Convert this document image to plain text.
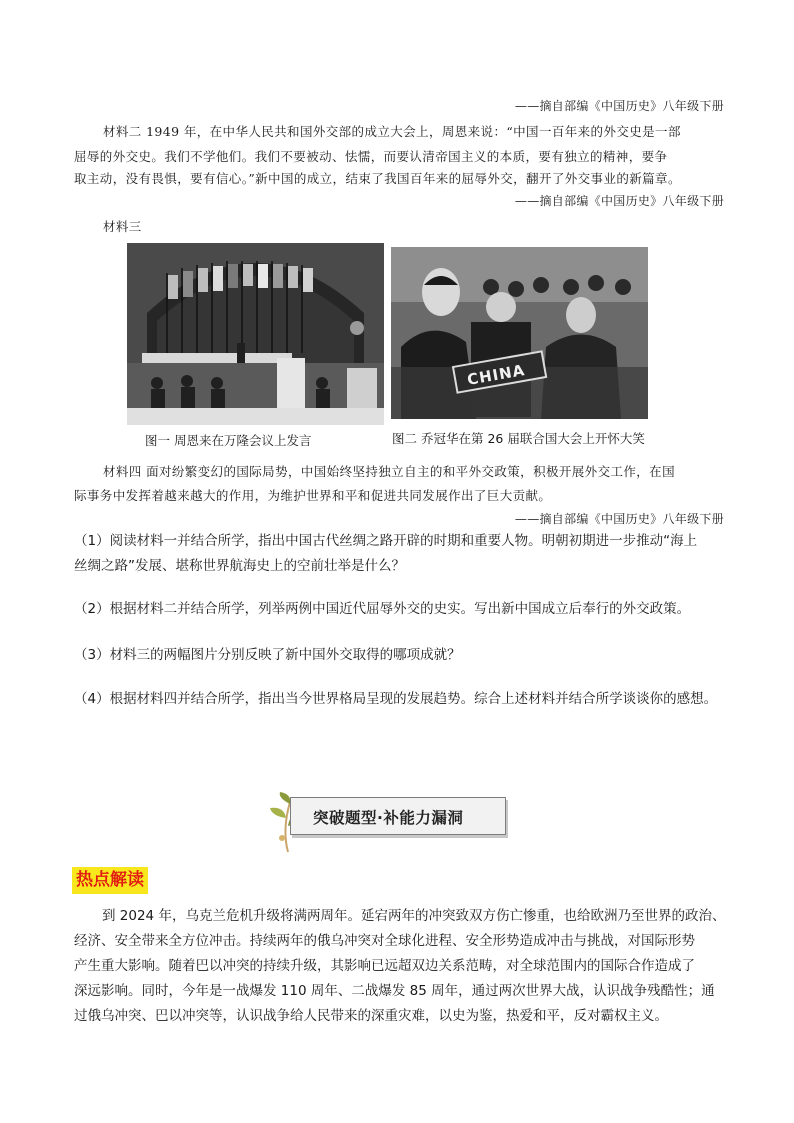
——摘自部编《中国历史》八年级下册
材料二 1949 年，在中华人民共和国外交部的成立大会上，周恩来说：“中国一百年来的外交史是一部
屈辱的外交史。我们不学他们。我们不要被动、怯懦，而要认清帝国主义的本质，要有独立的精神，要争
取主动，没有畏惧，要有信心。”新中国的成立，结束了我国百年来的屈辱外交，翻开了外交事业的新篇章。
——摘自部编《中国历史》八年级下册
材料三
图一 周恩来在万隆会议上发言
CHINA
图二 乔冠华在第 26 届联合国大会上开怀大笑
材料四 面对纷繁变幻的国际局势，中国始终坚持独立自主的和平外交政策，积极开展外交工作，在国
际事务中发挥着越来越大的作用，为维护世界和平和促进共同发展作出了巨大贡献。
——摘自部编《中国历史》八年级下册
（1）阅读材料一并结合所学，指出中国古代丝绸之路开辟的时期和重要人物。明朝初期进一步推动“海上
丝绸之路”发展、堪称世界航海史上的空前壮举是什么？
（2）根据材料二并结合所学，列举两例中国近代屈辱外交的史实。写出新中国成立后奉行的外交政策。
（3）材料三的两幅图片分别反映了新中国外交取得的哪项成就？
（4）根据材料四并结合所学，指出当今世界格局呈现的发展趋势。综合上述材料并结合所学谈谈你的感想。
突破题型·补能力漏洞
热点解读
到 2024 年，乌克兰危机升级将满两周年。延宕两年的冲突致双方伤亡惨重，也给欧洲乃至世界的政治、
经济、安全带来全方位冲击。持续两年的俄乌冲突对全球化进程、安全形势造成冲击与挑战，对国际形势
产生重大影响。随着巴以冲突的持续升级，其影响已远超双边关系范畴，对全球范围内的国际合作造成了
深远影响。同时，今年是一战爆发 110 周年、二战爆发 85 周年，通过两次世界大战，认识战争残酷性；通
过俄乌冲突、巴以冲突等，认识战争给人民带来的深重灾难，以史为鉴，热爱和平，反对霸权主义。
